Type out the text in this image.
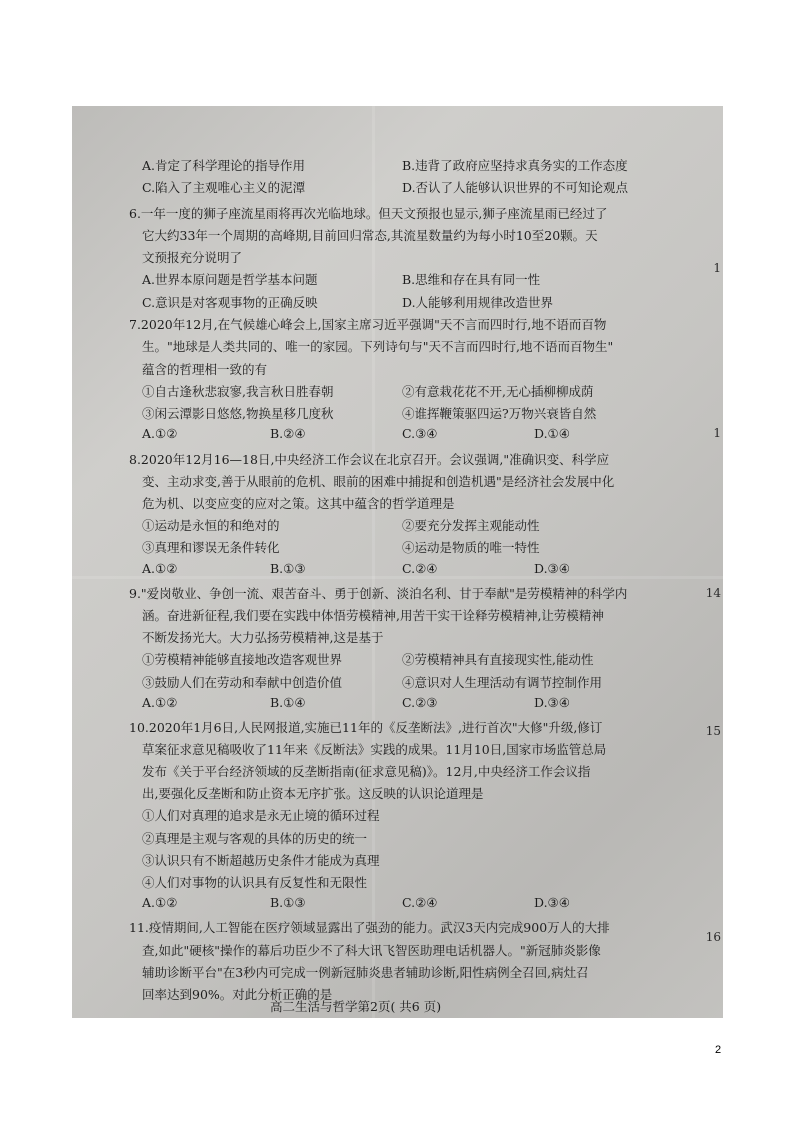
A.肯定了科学理论的指导作用	B.违背了政府应坚持求真务实的工作态度
C.陷入了主观唯心主义的泥潭	D.否认了人能够认识世界的不可知论观点
6.一年一度的狮子座流星雨将再次光临地球。但天文预报也显示,狮子座流星雨已经过了
它大约33年一个周期的高峰期,目前回归常态,其流星数量约为每小时10至20颗。天
文预报充分说明了
A.世界本原问题是哲学基本问题	B.思维和存在具有同一性
C.意识是对客观事物的正确反映	D.人能够利用规律改造世界
7.2020年12月,在气候雄心峰会上,国家主席习近平强调"天不言而四时行,地不语而百物
生。"地球是人类共同的、唯一的家园。下列诗句与"天不言而四时行,地不语而百物生"
蕴含的哲理相一致的有
①自古逢秋悲寂寥,我言秋日胜春朝	②有意栽花花不开,无心插柳柳成荫
③闲云潭影日悠悠,物换星移几度秋	④谁挥鞭策驱四运?万物兴衰皆自然
A.①②	B.②④	C.③④	D.①④
8.2020年12月16—18日,中央经济工作会议在北京召开。会议强调,"准确识变、科学应
变、主动求变,善于从眼前的危机、眼前的困难中捕捉和创造机遇"是经济社会发展中化
危为机、以变应变的应对之策。这其中蕴含的哲学道理是
①运动是永恒的和绝对的	②要充分发挥主观能动性
③真理和谬误无条件转化	④运动是物质的唯一特性
A.①②	B.①③	C.②④	D.③④
9."爱岗敬业、争创一流、艰苦奋斗、勇于创新、淡泊名利、甘于奉献"是劳模精神的科学内
涵。奋进新征程,我们要在实践中体悟劳模精神,用苦干实干诠释劳模精神,让劳模精神
不断发扬光大。大力弘扬劳模精神,这是基于
①劳模精神能够直接地改造客观世界	②劳模精神具有直接现实性,能动性
③鼓励人们在劳动和奉献中创造价值	④意识对人生理活动有调节控制作用
A.①②	B.①④	C.②③	D.③④
10.2020年1月6日,人民网报道,实施已11年的《反垄断法》,进行首次"大修"升级,修订
草案征求意见稿吸收了11年来《反断法》实践的成果。11月10日,国家市场监管总局
发布《关于平台经济领域的反垄断指南(征求意见稿)》。12月,中央经济工作会议指
出,要强化反垄断和防止资本无序扩张。这反映的认识论道理是
①人们对真理的追求是永无止境的循环过程
②真理是主观与客观的具体的历史的统一
③认识只有不断超越历史条件才能成为真理
④人们对事物的认识具有反复性和无限性
A.①②	B.①③	C.②④	D.③④
11.疫情期间,人工智能在医疗领域显露出了强劲的能力。武汉3天内完成900万人的大排
查,如此"硬核"操作的幕后功臣少不了科大讯飞智医助理电话机器人。"新冠肺炎影像
辅助诊断平台"在3秒内可完成一例新冠肺炎患者辅助诊断,阳性病例全召回,病灶召
回率达到90%。对此分析正确的是
高二生活与哲学第2页( 共6 页)
1
1
14
15
16
2
